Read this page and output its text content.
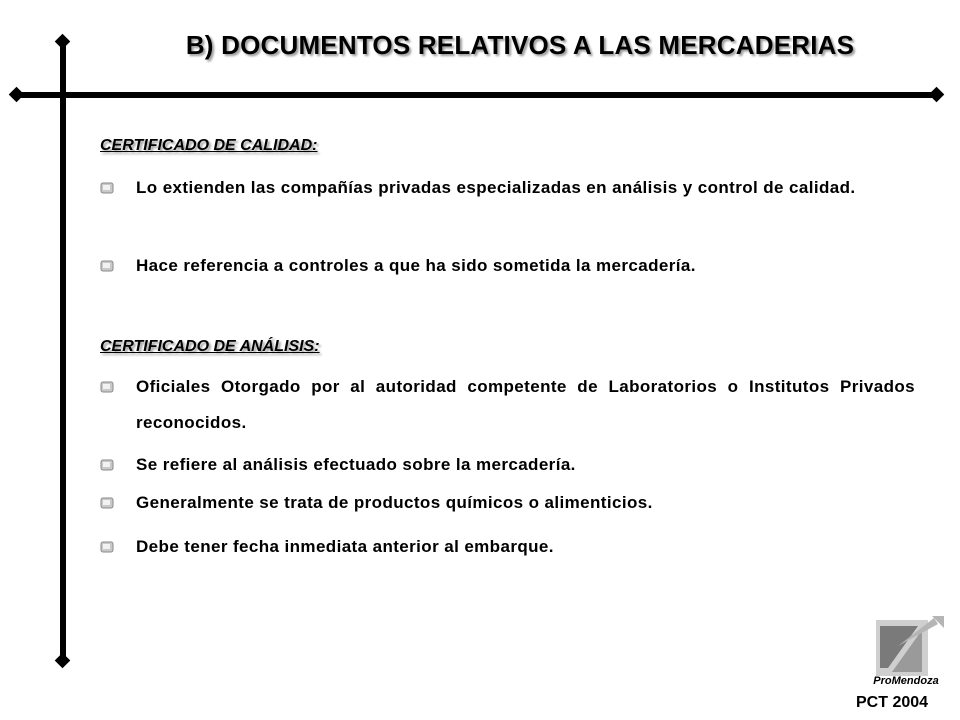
B) DOCUMENTOS RELATIVOS A LAS MERCADERIAS
CERTIFICADO DE CALIDAD:
Lo extienden las compañías privadas especializadas en análisis y control de calidad.
Hace referencia a controles a que ha sido sometida la mercadería.
CERTIFICADO DE ANÁLISIS:
Oficiales Otorgado por al autoridad competente de Laboratorios o Institutos Privados reconocidos.
Se refiere al análisis efectuado sobre la mercadería.
Generalmente se trata de productos químicos o alimenticios.
Debe tener fecha inmediata anterior al embarque.
ProMendoza
PCT 2004
